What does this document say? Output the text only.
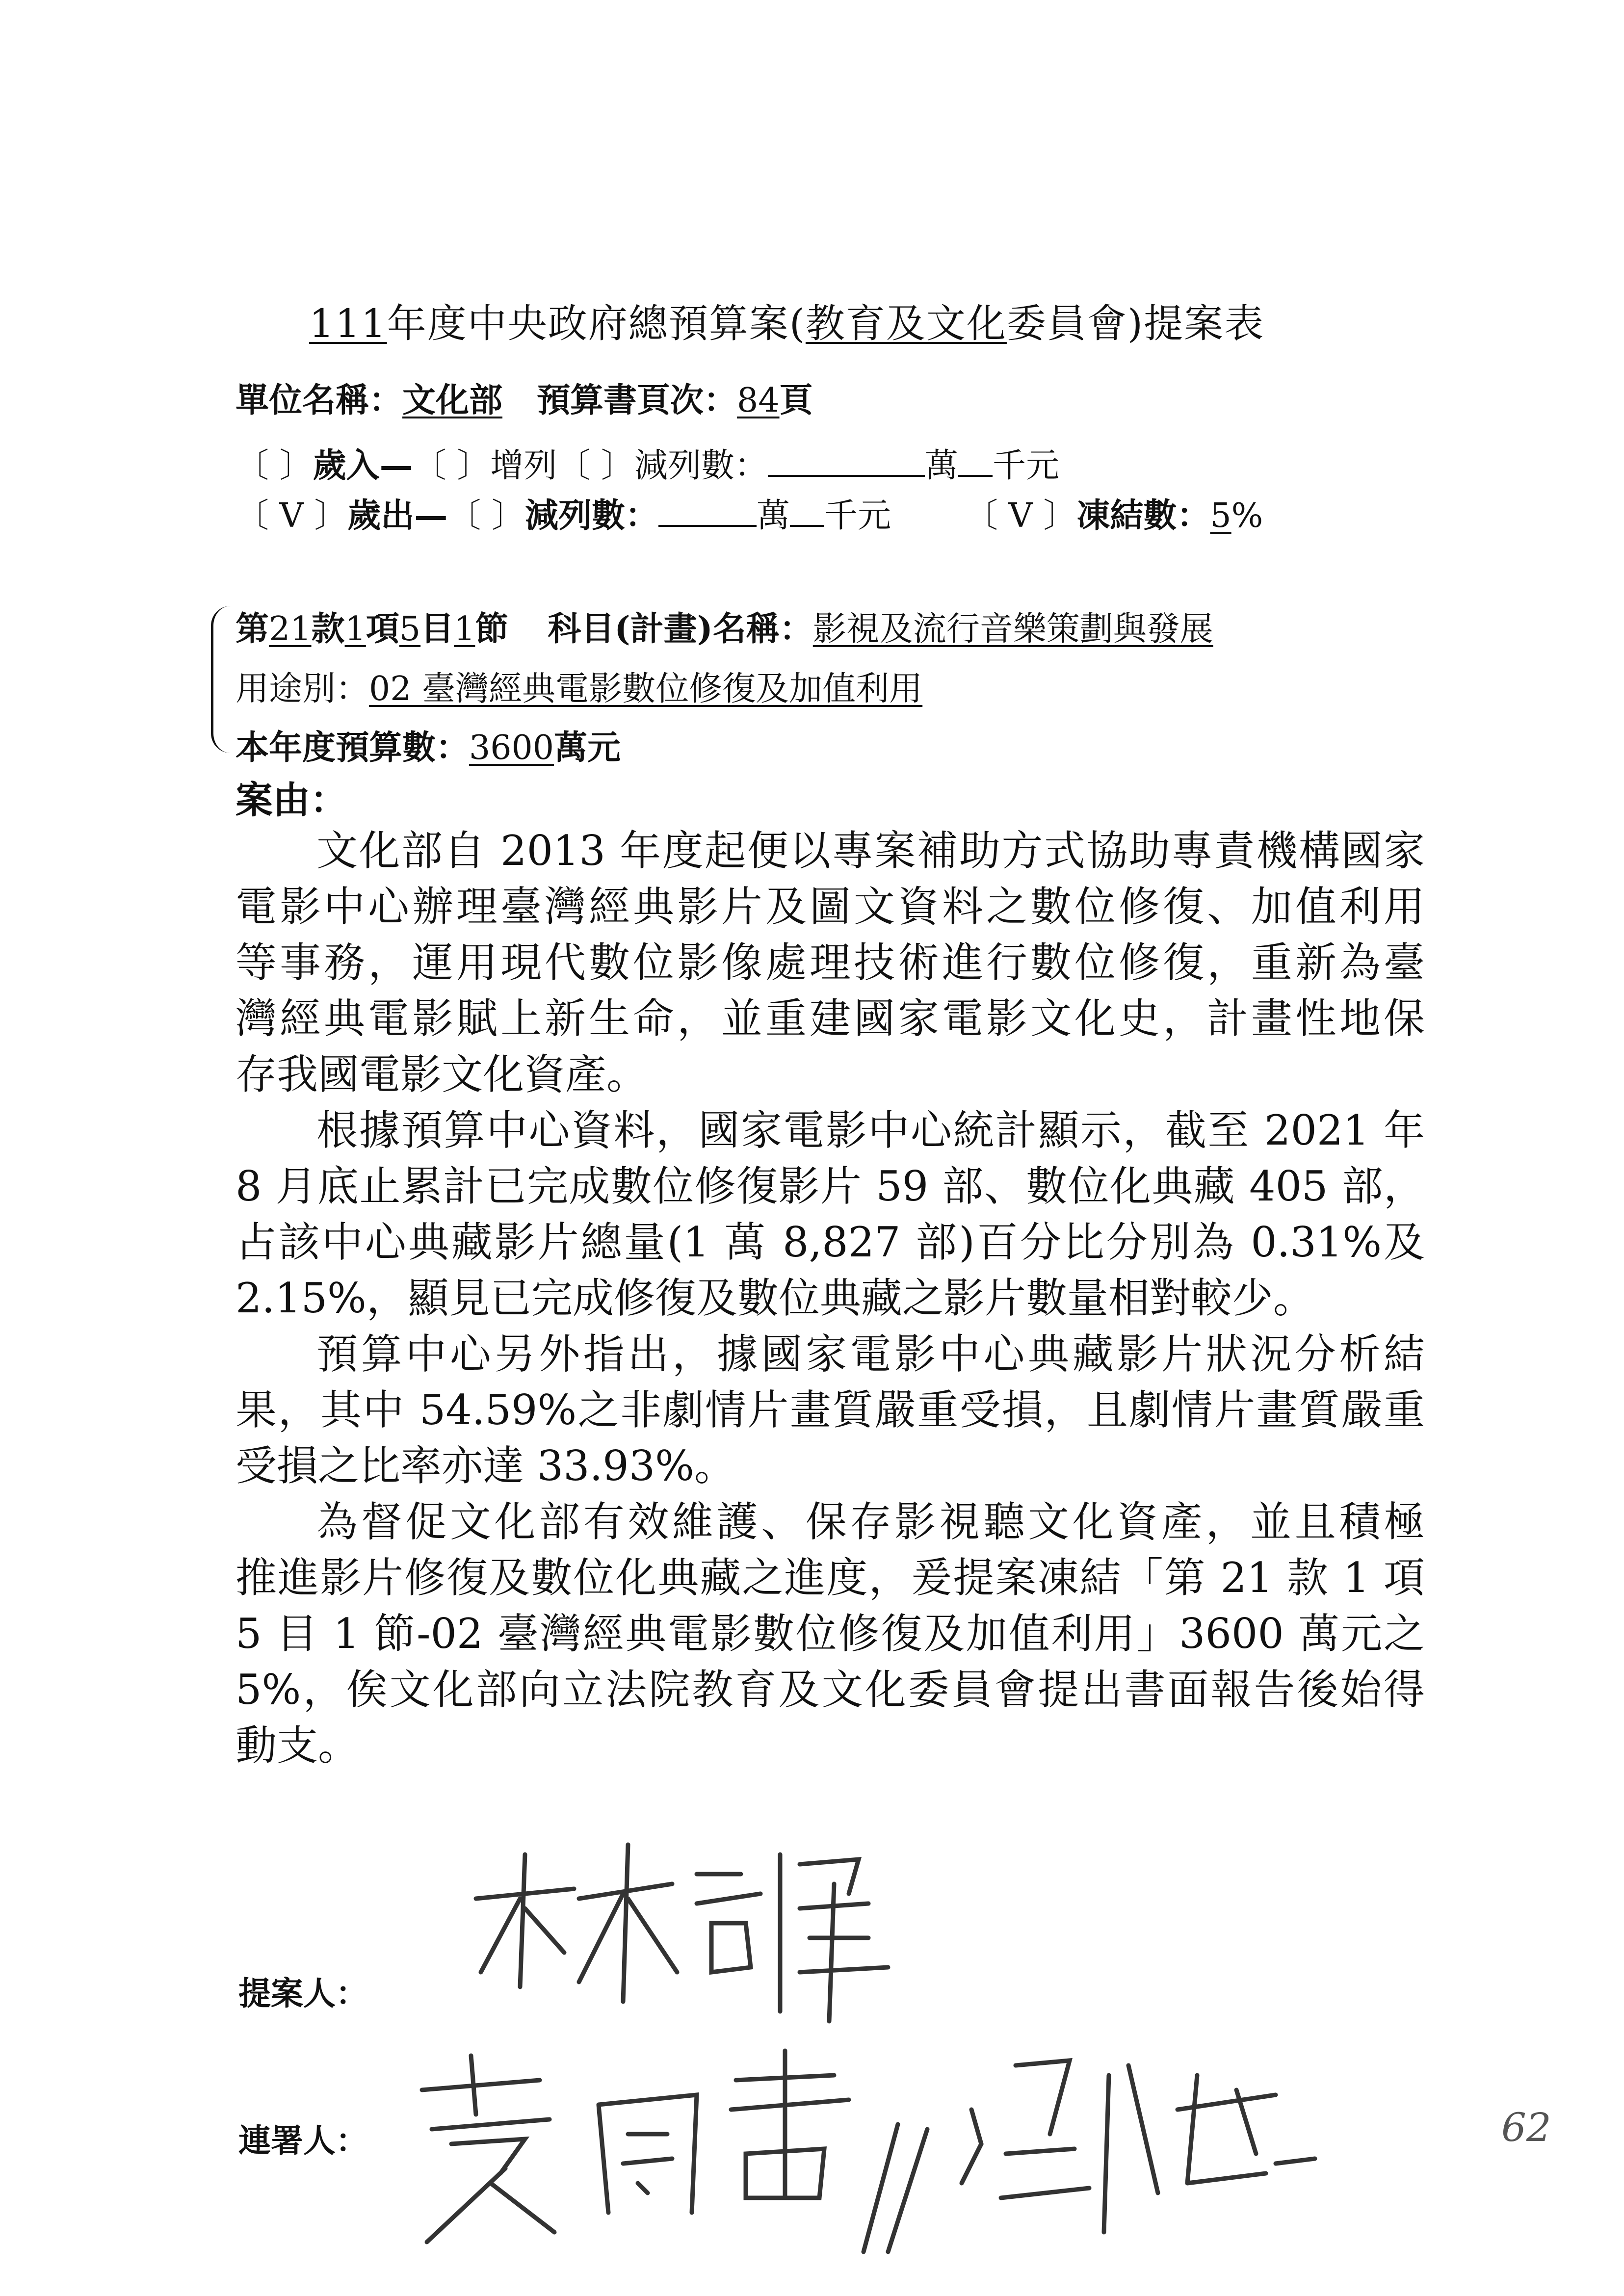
111年度中央政府總預算案(教育及文化委員會)提案表
單位名稱：文化部 預算書頁次：84頁
〔 〕歲入—〔 〕增列〔 〕減列數：	萬 千元
〔 V 〕歲出—〔 〕減列數：	萬 千元 〔 V 〕凍結數：5%
第21款1項5目1節 科目(計畫)名稱：影視及流行音樂策劃與發展
用途別：02 臺灣經典電影數位修復及加值利用
本年度預算數：3600萬元
案由：
文化部自 2013 年度起便以專案補助方式協助專責機構國家
電影中心辦理臺灣經典影片及圖文資料之數位修復、加值利用
等事務，運用現代數位影像處理技術進行數位修復，重新為臺
灣經典電影賦上新生命，並重建國家電影文化史，計畫性地保
存我國電影文化資產。
根據預算中心資料，國家電影中心統計顯示，截至 2021 年
8 月底止累計已完成數位修復影片 59 部、數位化典藏 405 部，
占該中心典藏影片總量(1 萬 8,827 部)百分比分別為 0.31%及
2.15%，顯見已完成修復及數位典藏之影片數量相對較少。
預算中心另外指出，據國家電影中心典藏影片狀況分析結
果，其中 54.59%之非劇情片畫質嚴重受損，且劇情片畫質嚴重
受損之比率亦達 33.93%。
為督促文化部有效維護、保存影視聽文化資產，並且積極
推進影片修復及數位化典藏之進度，爰提案凍結「第 21 款 1 項
5 目 1 節-02 臺灣經典電影數位修復及加值利用」3600 萬元之
5%，俟文化部向立法院教育及文化委員會提出書面報告後始得
動支。
提案人：
連署人：	62
